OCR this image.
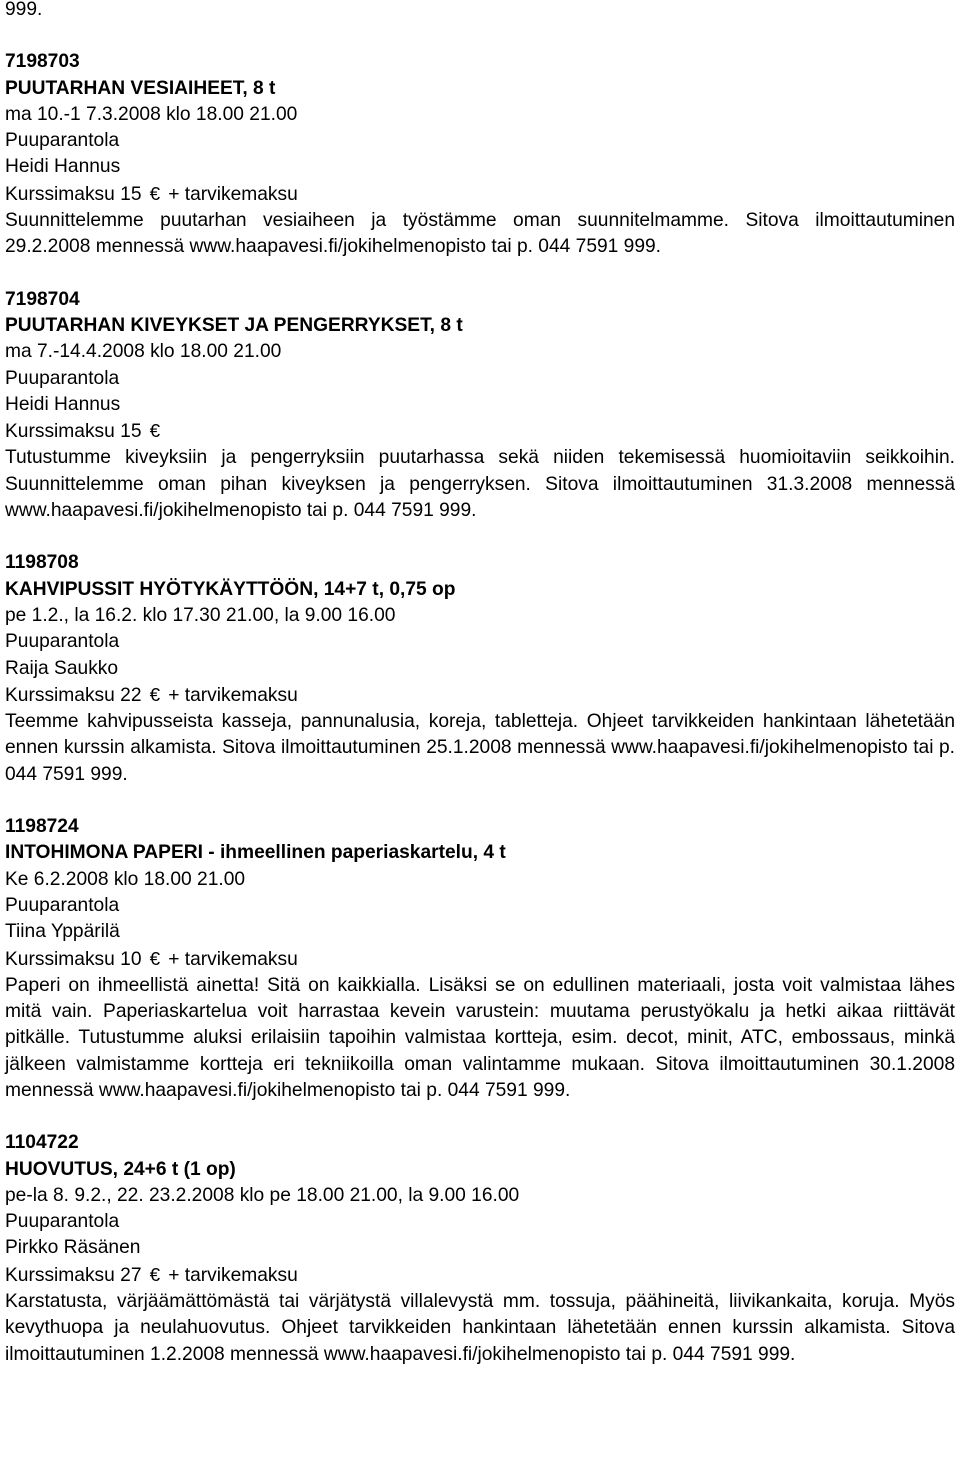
999.
7198703
PUUTARHAN VESIAIHEET, 8 t
ma 10.-1 7.3.2008 klo 18.00 21.00
Puuparantola
Heidi Hannus
Kurssimaksu 15 € + tarvikemaksu
Suunnittelemme puutarhan vesiaiheen ja työstämme oman suunnitelmamme. Sitova ilmoittautuminen 29.2.2008 mennessä www.haapavesi.fi/jokihelmenopisto tai p. 044 7591 999.
7198704
PUUTARHAN KIVEYKSET JA PENGERRYKSET, 8 t
ma 7.-14.4.2008 klo 18.00 21.00
Puuparantola
Heidi Hannus
Kurssimaksu 15 €
Tutustumme kiveyksiin ja pengerryksiin puutarhassa sekä niiden tekemisessä huomioitaviin seikkoihin. Suunnittelemme oman pihan kiveyksen ja pengerryksen. Sitova ilmoittautuminen 31.3.2008 mennessä www.haapavesi.fi/jokihelmenopisto tai p. 044 7591 999.
1198708
KAHVIPUSSIT HYÖTYKÄYTTÖÖN, 14+7 t, 0,75 op
pe 1.2., la 16.2. klo 17.30 21.00, la 9.00 16.00
Puuparantola
Raija Saukko
Kurssimaksu 22 € + tarvikemaksu
Teemme kahvipusseista kasseja, pannunalusia, koreja, tabletteja. Ohjeet tarvikkeiden hankintaan lähetetään ennen kurssin alkamista. Sitova ilmoittautuminen 25.1.2008 mennessä www.haapavesi.fi/jokihelmenopisto tai p. 044 7591 999.
1198724
INTOHIMONA PAPERI - ihmeellinen paperiaskartelu, 4 t
Ke 6.2.2008 klo 18.00 21.00
Puuparantola
Tiina Yppärilä
Kurssimaksu 10 € + tarvikemaksu
Paperi on ihmeellistä ainetta! Sitä on kaikkialla. Lisäksi se on edullinen materiaali, josta voit valmistaa lähes mitä vain. Paperiaskartelua voit harrastaa kevein varustein: muutama perustyökalu ja hetki aikaa riittävät pitkälle. Tutustumme aluksi erilaisiin tapoihin valmistaa kortteja, esim. decot, minit, ATC, embossaus, minkä jälkeen valmistamme kortteja eri tekniikoilla oman valintamme mukaan. Sitova ilmoittautuminen 30.1.2008 mennessä www.haapavesi.fi/jokihelmenopisto tai p. 044 7591 999.
1104722
HUOVUTUS, 24+6 t (1 op)
pe-la 8. 9.2., 22. 23.2.2008 klo pe 18.00 21.00, la 9.00 16.00
Puuparantola
Pirkko Räsänen
Kurssimaksu 27 € + tarvikemaksu
Karstatusta, värjäämättömästä tai värjätystä villalevystä mm. tossuja, päähineitä, liivikankaita, koruja. Myös kevythuopa ja neulahuovutus. Ohjeet tarvikkeiden hankintaan lähetetään ennen kurssin alkamista. Sitova ilmoittautuminen 1.2.2008 mennessä www.haapavesi.fi/jokihelmenopisto tai p. 044 7591 999.
